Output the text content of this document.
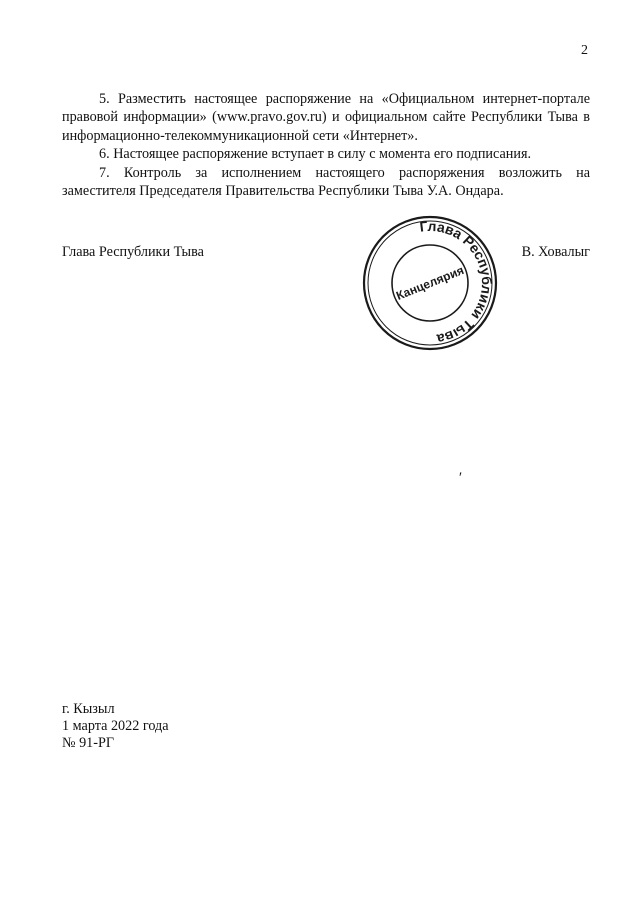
2

5. Разместить настоящее распоряжение на «Официальном интернет-портале правовой информации» (www.pravo.gov.ru) и официальном сайте Республики Тыва в информационно-телекоммуникационной сети «Интернет».

6. Настоящее распоряжение вступает в силу с момента его подписания.

7. Контроль за исполнением настоящего распоряжения возложить на заместителя Председателя Правительства Республики Тыва У.А. Ондара.

Глава Республики Тыва	В. Ховалыг
Глава Республики Тыва
Канцелярия
′
г. Кызыл
1 марта 2022 года
№ 91-РГ
